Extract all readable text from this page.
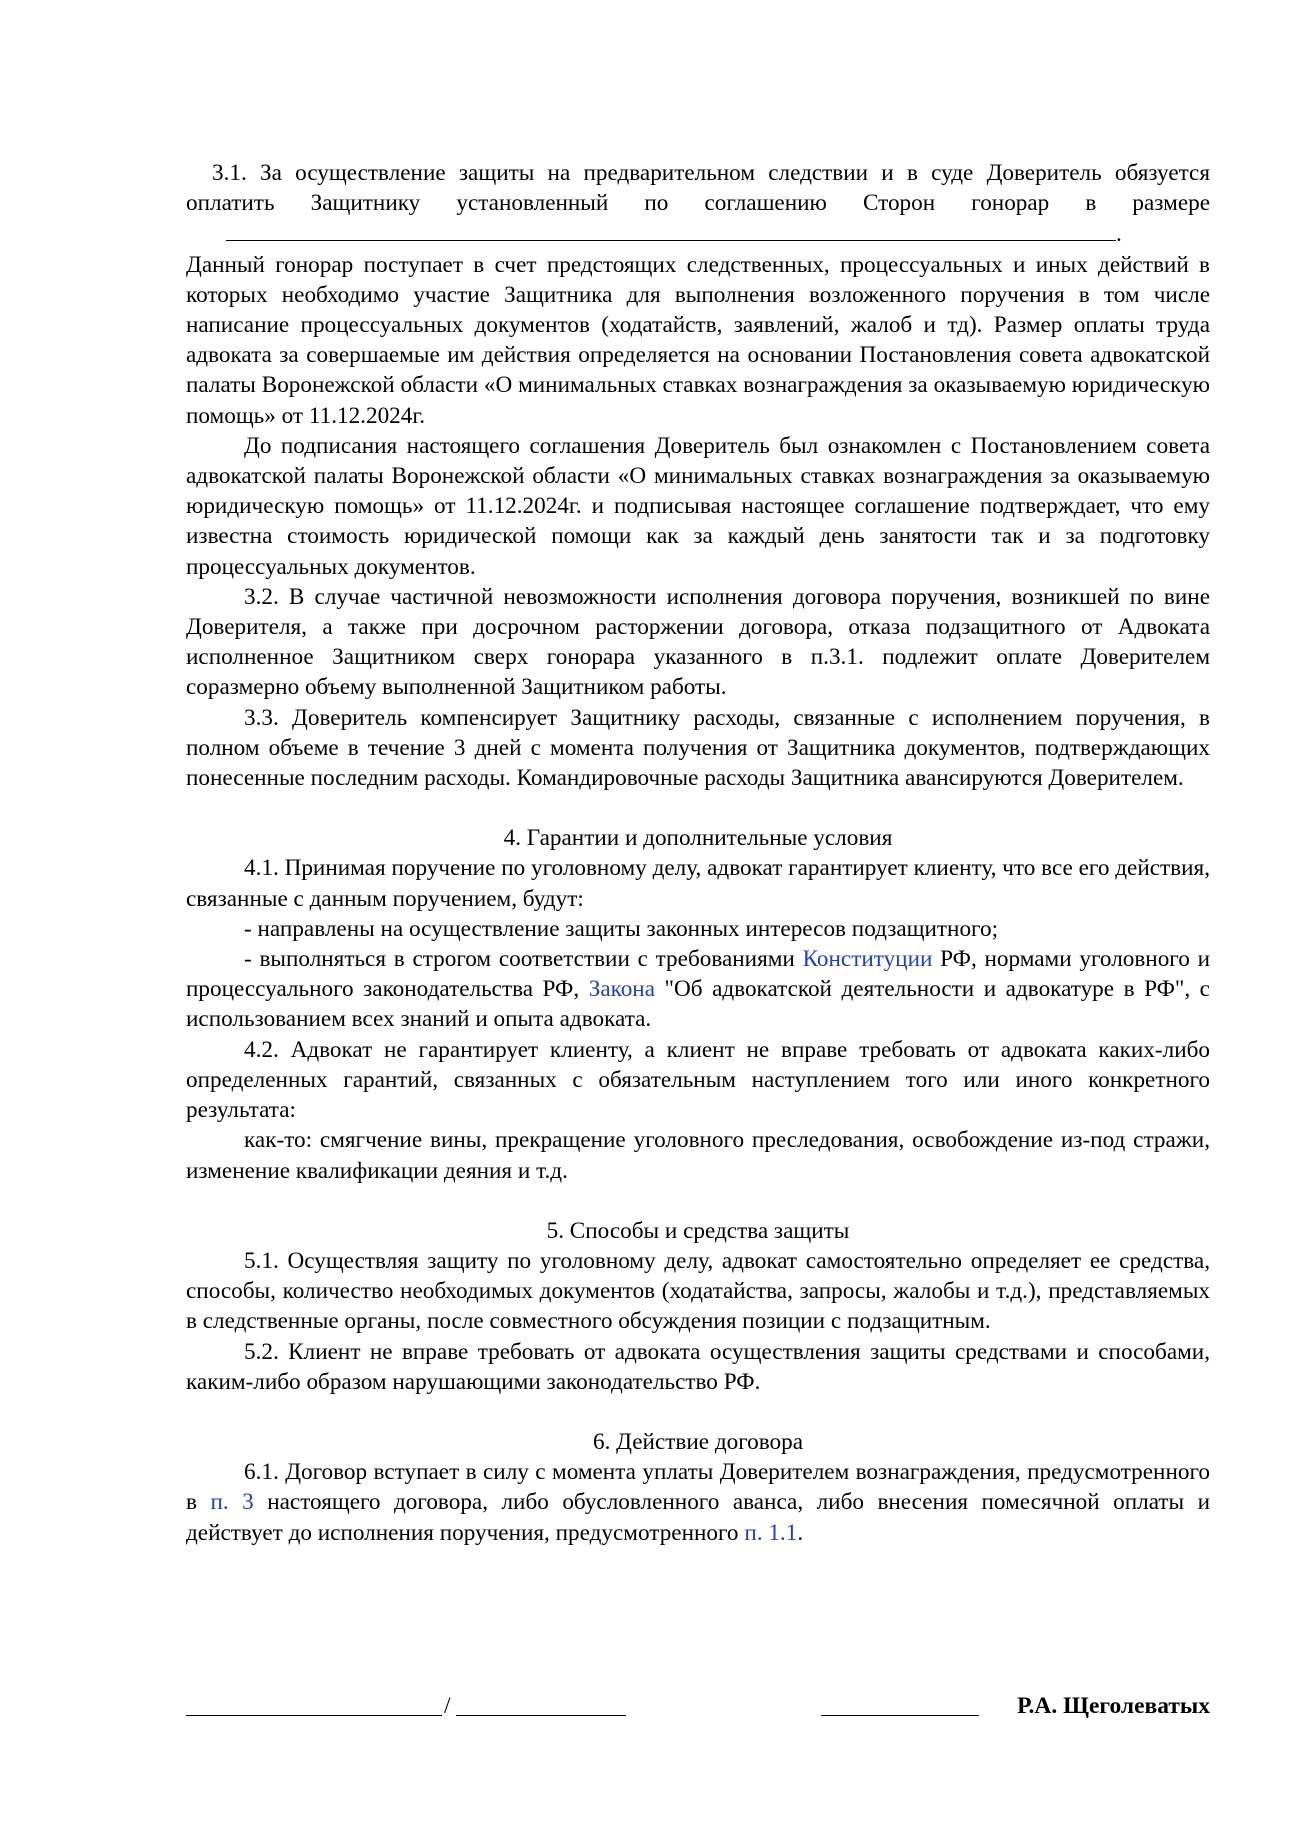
3.1. За осуществление защиты на предварительном следствии и в суде Доверитель обязуется оплатить Защитнику установленный по соглашению Сторон гонорар в размере.

Данный гонорар поступает в счет предстоящих следственных, процессуальных и иных действий в которых необходимо участие Защитника для выполнения возложенного поручения в том числе написание процессуальных документов (ходатайств, заявлений, жалоб и тд). Размер оплаты труда адвоката за совершаемые им действия определяется на основании Постановления совета адвокатской палаты Воронежской области «О минимальных ставках вознаграждения за оказываемую юридическую помощь» от 11.12.2024г.

До подписания настоящего соглашения Доверитель был ознакомлен с Постановлением совета адвокатской палаты Воронежской области «О минимальных ставках вознаграждения за оказываемую юридическую помощь» от 11.12.2024г. и подписывая настоящее соглашение подтверждает, что ему известна стоимость юридической помощи как за каждый день занятости так и за подготовку процессуальных документов.

3.2. В случае частичной невозможности исполнения договора поручения, возникшей по вине Доверителя, а также при досрочном расторжении договора, отказа подзащитного от Адвоката исполненное Защитником сверх гонорара указанного в п.3.1. подлежит оплате Доверителем соразмерно объему выполненной Защитником работы.

3.3. Доверитель компенсирует Защитнику расходы, связанные с исполнением поручения, в полном объеме в течение 3 дней с момента получения от Защитника документов, подтверждающих понесенные последним расходы. Командировочные расходы Защитника авансируются Доверителем.

4. Гарантии и дополнительные условия

4.1. Принимая поручение по уголовному делу, адвокат гарантирует клиенту, что все его действия, связанные с данным поручением, будут:

- направлены на осуществление защиты законных интересов подзащитного;

- выполняться в строгом соответствии с требованиями Конституции РФ, нормами уголовного и процессуального законодательства РФ, Закона "Об адвокатской деятельности и адвокатуре в РФ", с использованием всех знаний и опыта адвоката.

4.2. Адвокат не гарантирует клиенту, а клиент не вправе требовать от адвоката каких-либо определенных гарантий, связанных с обязательным наступлением того или иного конкретного результата:

как-то: смягчение вины, прекращение уголовного преследования, освобождение из-под стражи, изменение квалификации деяния и т.д.

5. Способы и средства защиты

5.1. Осуществляя защиту по уголовному делу, адвокат самостоятельно определяет ее средства, способы, количество необходимых документов (ходатайства, запросы, жалобы и т.д.), представляемых в следственные органы, после совместного обсуждения позиции с подзащитным.

5.2. Клиент не вправе требовать от адвоката осуществления защиты средствами и способами, каким-либо образом нарушающими законодательство РФ.

6. Действие договора

6.1. Договор вступает в силу с момента уплаты Доверителем вознаграждения, предусмотренного в п. 3 настоящего договора, либо обусловленного аванса, либо внесения помесячной оплаты и действует до исполнения поручения, предусмотренного п. 1.1.

/	Р.А. Щеголеватых
